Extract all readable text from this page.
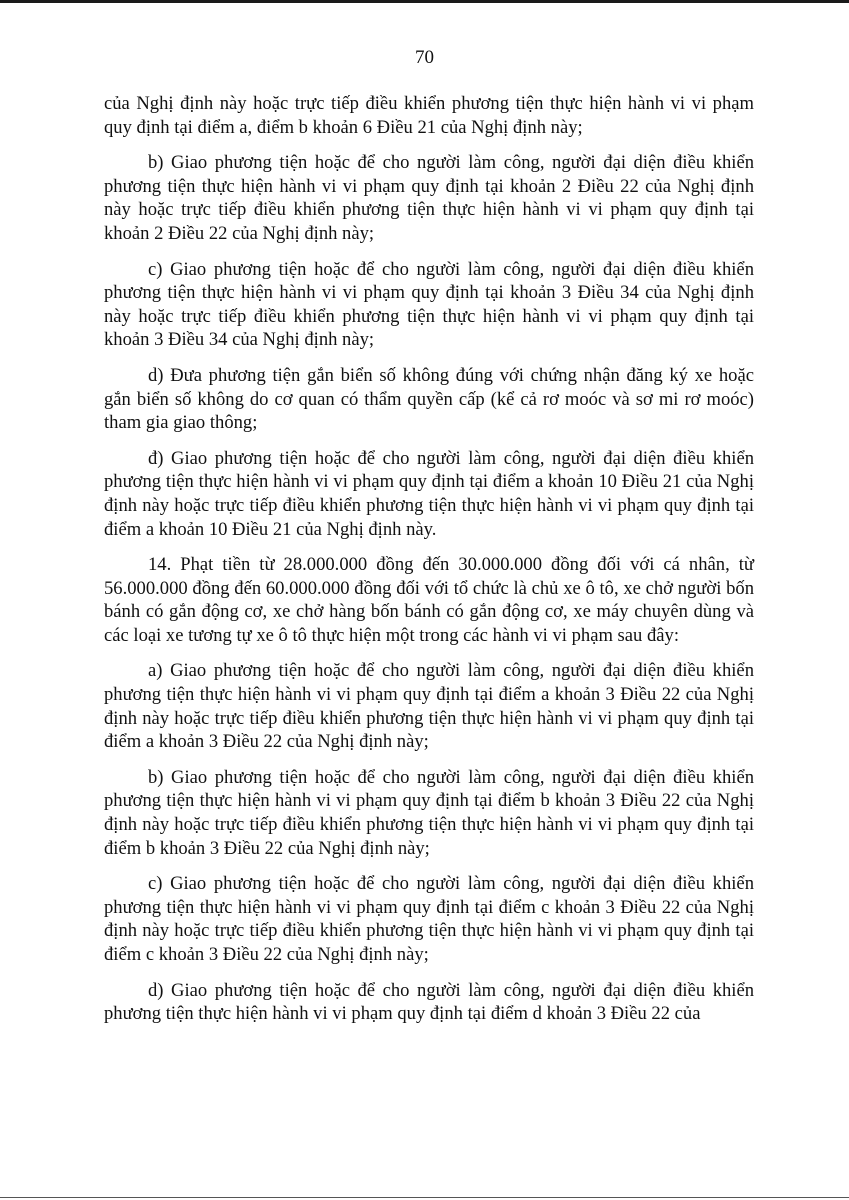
70

của Nghị định này hoặc trực tiếp điều khiển phương tiện thực hiện hành vi vi phạm quy định tại điểm a, điểm b khoản 6 Điều 21 của Nghị định này;

b) Giao phương tiện hoặc để cho người làm công, người đại diện điều khiển phương tiện thực hiện hành vi vi phạm quy định tại khoản 2 Điều 22 của Nghị định này hoặc trực tiếp điều khiển phương tiện thực hiện hành vi vi phạm quy định tại khoản 2 Điều 22 của Nghị định này;

c) Giao phương tiện hoặc để cho người làm công, người đại diện điều khiển phương tiện thực hiện hành vi vi phạm quy định tại khoản 3 Điều 34 của Nghị định này hoặc trực tiếp điều khiển phương tiện thực hiện hành vi vi phạm quy định tại khoản 3 Điều 34 của Nghị định này;

d) Đưa phương tiện gắn biển số không đúng với chứng nhận đăng ký xe hoặc gắn biển số không do cơ quan có thẩm quyền cấp (kể cả rơ moóc và sơ mi rơ moóc) tham gia giao thông;

đ) Giao phương tiện hoặc để cho người làm công, người đại diện điều khiển phương tiện thực hiện hành vi vi phạm quy định tại điểm a khoản 10 Điều 21 của Nghị định này hoặc trực tiếp điều khiển phương tiện thực hiện hành vi vi phạm quy định tại điểm a khoản 10 Điều 21 của Nghị định này.

14. Phạt tiền từ 28.000.000 đồng đến 30.000.000 đồng đối với cá nhân, từ 56.000.000 đồng đến 60.000.000 đồng đối với tổ chức là chủ xe ô tô, xe chở người bốn bánh có gắn động cơ, xe chở hàng bốn bánh có gắn động cơ, xe máy chuyên dùng và các loại xe tương tự xe ô tô thực hiện một trong các hành vi vi phạm sau đây:

a) Giao phương tiện hoặc để cho người làm công, người đại diện điều khiển phương tiện thực hiện hành vi vi phạm quy định tại điểm a khoản 3 Điều 22 của Nghị định này hoặc trực tiếp điều khiển phương tiện thực hiện hành vi vi phạm quy định tại điểm a khoản 3 Điều 22 của Nghị định này;

b) Giao phương tiện hoặc để cho người làm công, người đại diện điều khiển phương tiện thực hiện hành vi vi phạm quy định tại điểm b khoản 3 Điều 22 của Nghị định này hoặc trực tiếp điều khiển phương tiện thực hiện hành vi vi phạm quy định tại điểm b khoản 3 Điều 22 của Nghị định này;

c) Giao phương tiện hoặc để cho người làm công, người đại diện điều khiển phương tiện thực hiện hành vi vi phạm quy định tại điểm c khoản 3 Điều 22 của Nghị định này hoặc trực tiếp điều khiển phương tiện thực hiện hành vi vi phạm quy định tại điểm c khoản 3 Điều 22 của Nghị định này;

d) Giao phương tiện hoặc để cho người làm công, người đại diện điều khiển phương tiện thực hiện hành vi vi phạm quy định tại điểm d khoản 3 Điều 22 của
